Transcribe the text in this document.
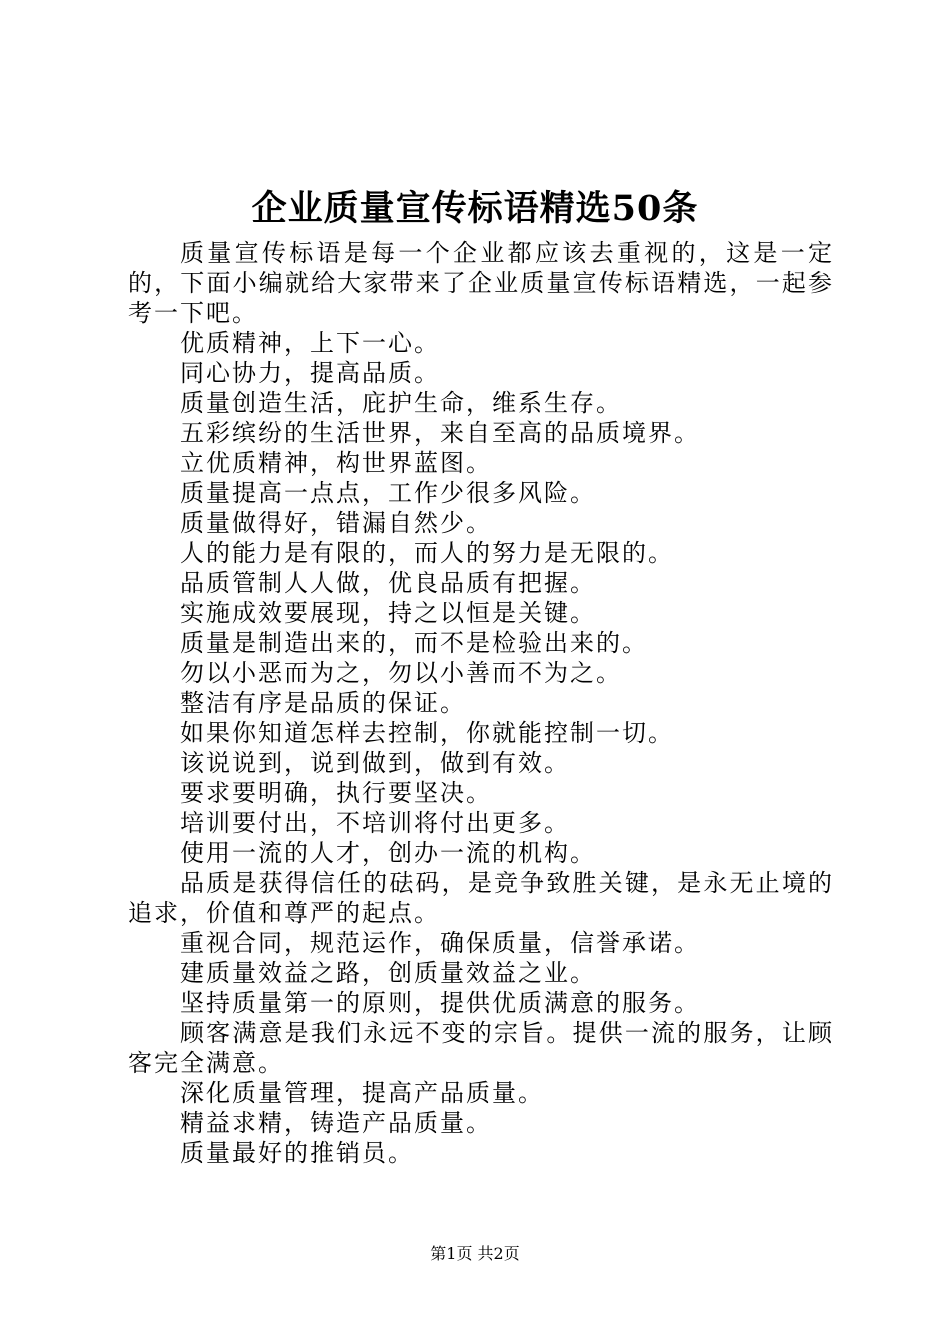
企业质量宣传标语精选50条

质量宣传标语是每一个企业都应该去重视的，这是一定的，下面小编就给大家带来了企业质量宣传标语精选，一起参考一下吧。

优质精神，上下一心。

同心协力，提高品质。

质量创造生活，庇护生命，维系生存。

五彩缤纷的生活世界，来自至高的品质境界。

立优质精神，构世界蓝图。

质量提高一点点，工作少很多风险。

质量做得好，错漏自然少。

人的能力是有限的，而人的努力是无限的。

品质管制人人做，优良品质有把握。

实施成效要展现，持之以恒是关键。

质量是制造出来的，而不是检验出来的。

勿以小恶而为之，勿以小善而不为之。

整洁有序是品质的保证。

如果你知道怎样去控制，你就能控制一切。

该说说到，说到做到，做到有效。

要求要明确，执行要坚决。

培训要付出，不培训将付出更多。

使用一流的人才，创办一流的机构。

品质是获得信任的砝码，是竞争致胜关键，是永无止境的追求，价值和尊严的起点。

重视合同，规范运作，确保质量，信誉承诺。

建质量效益之路，创质量效益之业。

坚持质量第一的原则，提供优质满意的服务。

顾客满意是我们永远不变的宗旨。提供一流的服务，让顾客完全满意。

深化质量管理，提高产品质量。

精益求精，铸造产品质量。

质量最好的推销员。

第1页 共2页
